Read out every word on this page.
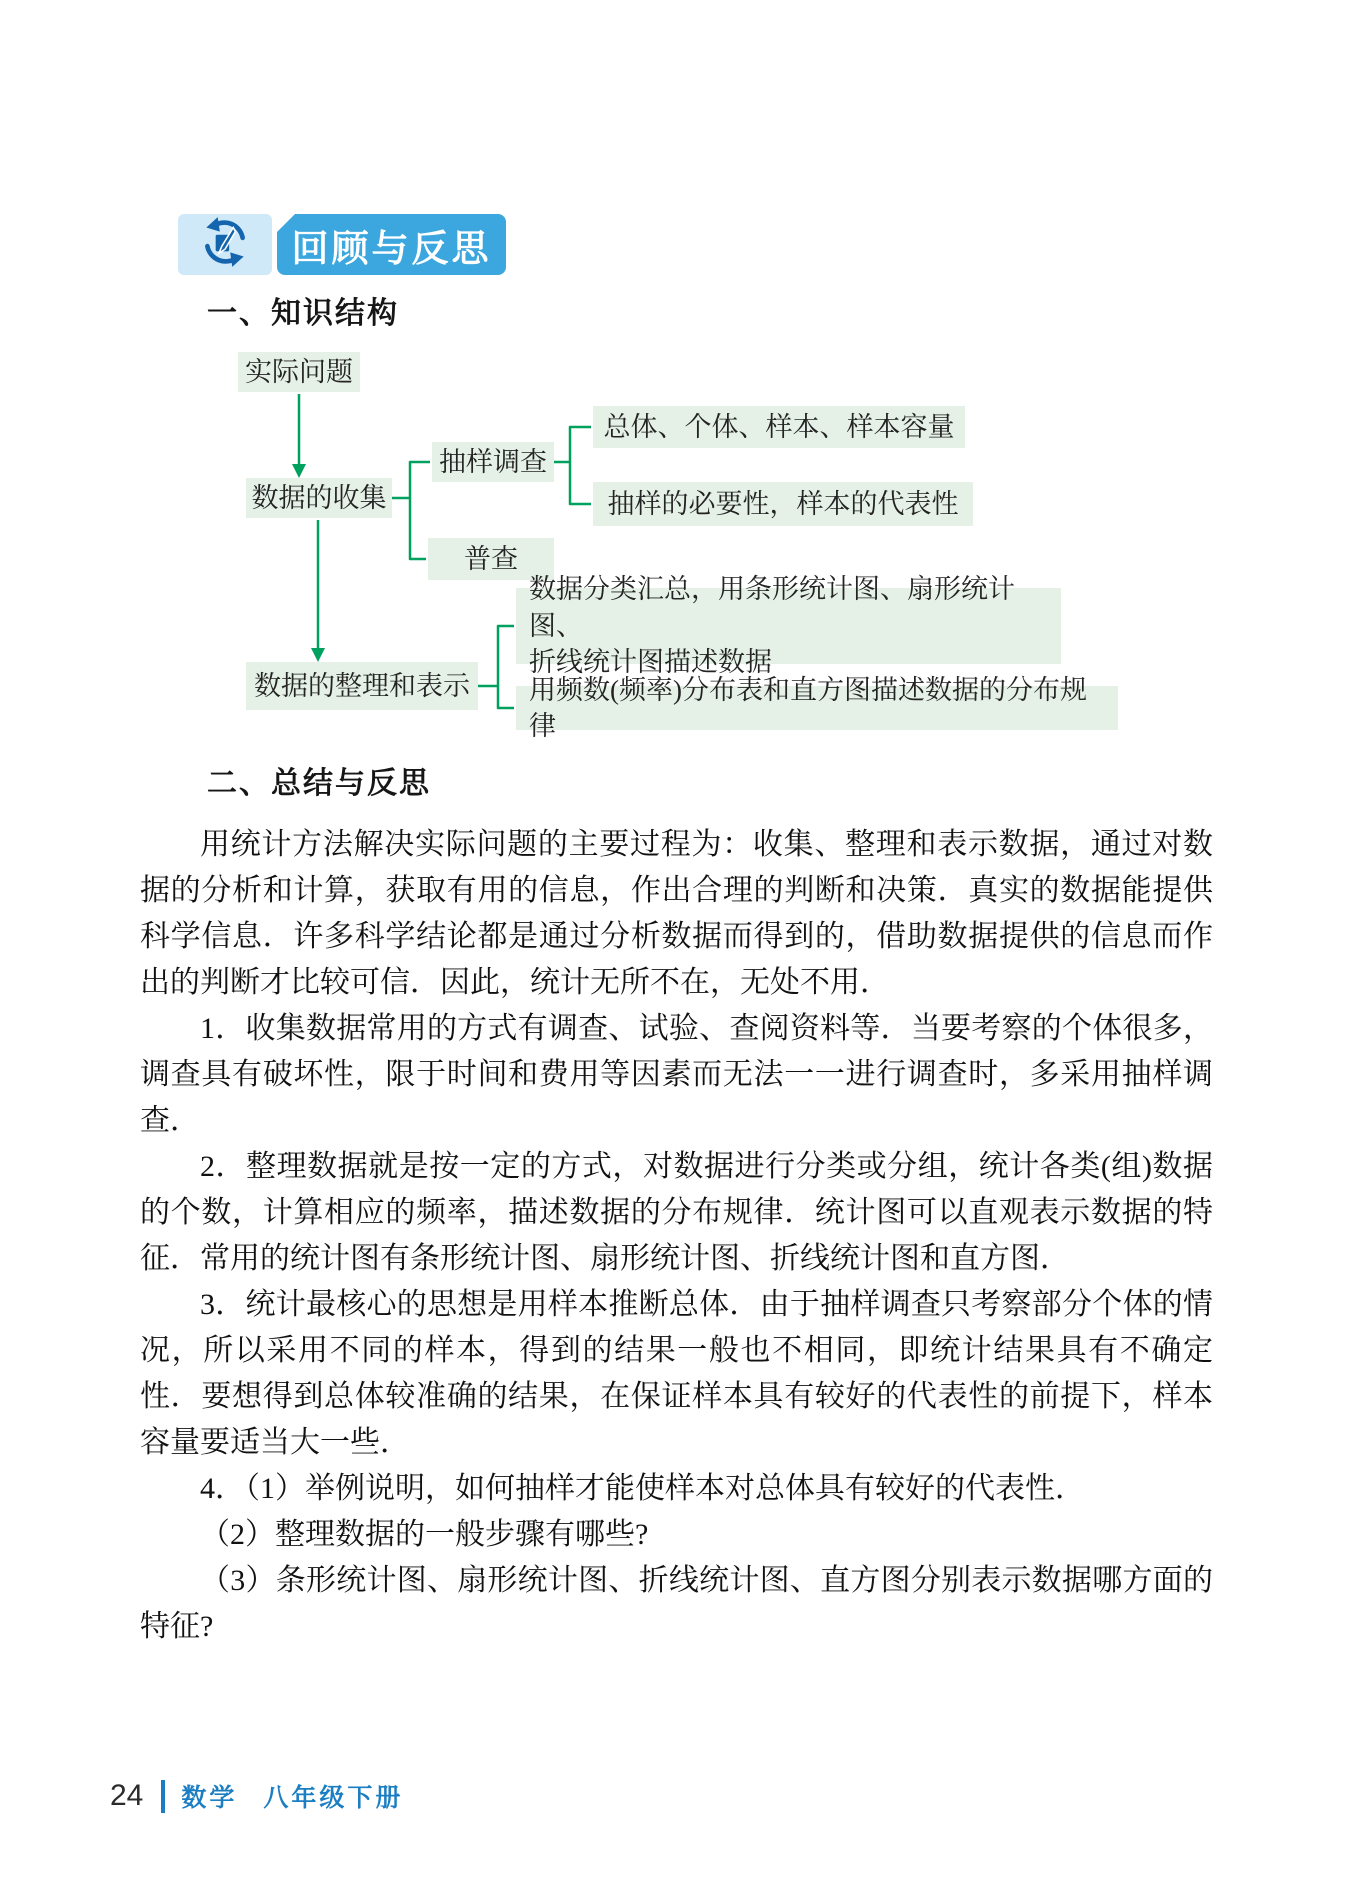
回顾与反思
一、知识结构
二、总结与反思
实际问题
数据的收集
抽样调查
普查
总体、个体、样本、样本容量
抽样的必要性，样本的代表性
数据的整理和表示
数据分类汇总，用条形统计图、扇形统计图、
折线统计图描述数据
用频数(频率)分布表和直方图描述数据的分布规律

用统计方法解决实际问题的主要过程为：收集、整理和表示数据，通过对数据的分析和计算，获取有用的信息，作出合理的判断和决策．真实的数据能提供科学信息．许多科学结论都是通过分析数据而得到的，借助数据提供的信息而作出的判断才比较可信．因此，统计无所不在，无处不用．

1．收集数据常用的方式有调查、试验、查阅资料等．当要考察的个体很多，调查具有破坏性，限于时间和费用等因素而无法一一进行调查时，多采用抽样调查．

2．整理数据就是按一定的方式，对数据进行分类或分组，统计各类(组)数据的个数，计算相应的频率，描述数据的分布规律．统计图可以直观表示数据的特征．常用的统计图有条形统计图、扇形统计图、折线统计图和直方图．

3．统计最核心的思想是用样本推断总体．由于抽样调查只考察部分个体的情况，所以采用不同的样本，得到的结果一般也不相同，即统计结果具有不确定性．要想得到总体较准确的结果，在保证样本具有较好的代表性的前提下，样本容量要适当大一些．

4．（1）举例说明，如何抽样才能使样本对总体具有较好的代表性．

（2）整理数据的一般步骤有哪些?

（3）条形统计图、扇形统计图、折线统计图、直方图分别表示数据哪方面的特征?

24 数学 八年级下册
